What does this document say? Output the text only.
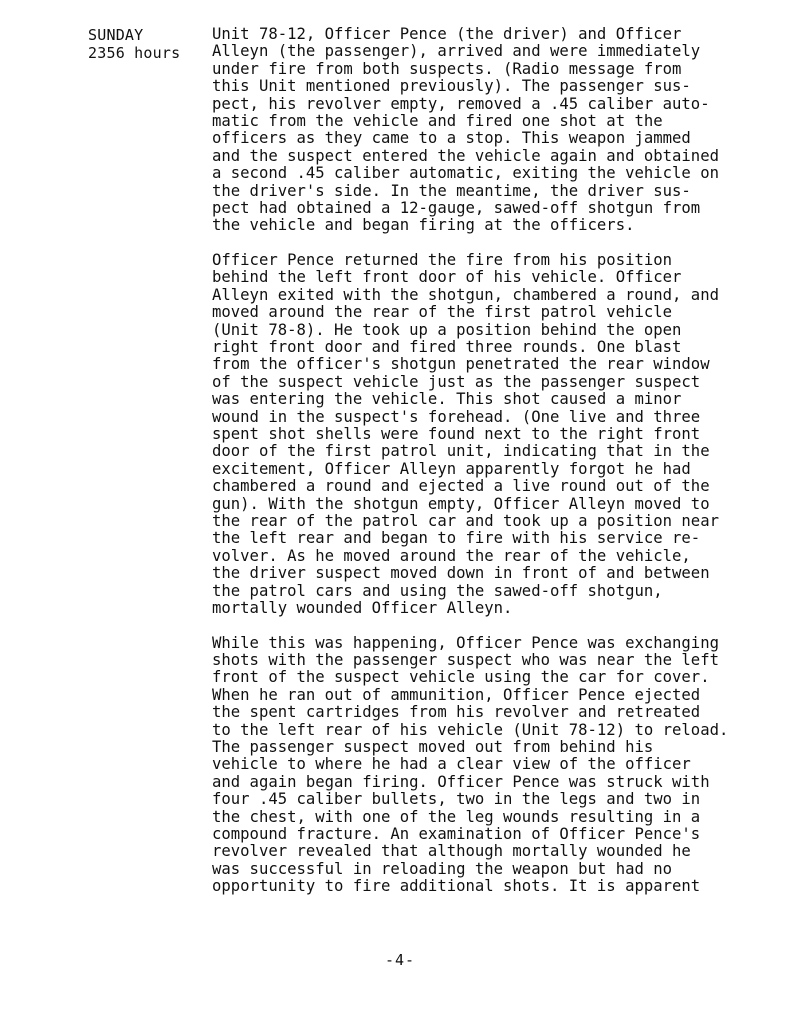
SUNDAY
2356 hours
Unit 78-12, Officer Pence (the driver) and Officer
Alleyn (the passenger), arrived and were immediately
under fire from both suspects. (Radio message from
this Unit mentioned previously). The passenger sus-
pect, his revolver empty, removed a .45 caliber auto-
matic from the vehicle and fired one shot at the
officers as they came to a stop. This weapon jammed
and the suspect entered the vehicle again and obtained
a second .45 caliber automatic, exiting the vehicle on
the driver's side. In the meantime, the driver sus-
pect had obtained a 12-gauge, sawed-off shotgun from
the vehicle and began firing at the officers.
Officer Pence returned the fire from his position
behind the left front door of his vehicle. Officer
Alleyn exited with the shotgun, chambered a round, and
moved around the rear of the first patrol vehicle
(Unit 78-8). He took up a position behind the open
right front door and fired three rounds. One blast
from the officer's shotgun penetrated the rear window
of the suspect vehicle just as the passenger suspect
was entering the vehicle. This shot caused a minor
wound in the suspect's forehead. (One live and three
spent shot shells were found next to the right front
door of the first patrol unit, indicating that in the
excitement, Officer Alleyn apparently forgot he had
chambered a round and ejected a live round out of the
gun). With the shotgun empty, Officer Alleyn moved to
the rear of the patrol car and took up a position near
the left rear and began to fire with his service re-
volver. As he moved around the rear of the vehicle,
the driver suspect moved down in front of and between
the patrol cars and using the sawed-off shotgun,
mortally wounded Officer Alleyn.
While this was happening, Officer Pence was exchanging
shots with the passenger suspect who was near the left
front of the suspect vehicle using the car for cover.
When he ran out of ammunition, Officer Pence ejected
the spent cartridges from his revolver and retreated
to the left rear of his vehicle (Unit 78-12) to reload.
The passenger suspect moved out from behind his
vehicle to where he had a clear view of the officer
and again began firing. Officer Pence was struck with
four .45 caliber bullets, two in the legs and two in
the chest, with one of the leg wounds resulting in a
compound fracture. An examination of Officer Pence's
revolver revealed that although mortally wounded he
was successful in reloading the weapon but had no
opportunity to fire additional shots. It is apparent
-4-
